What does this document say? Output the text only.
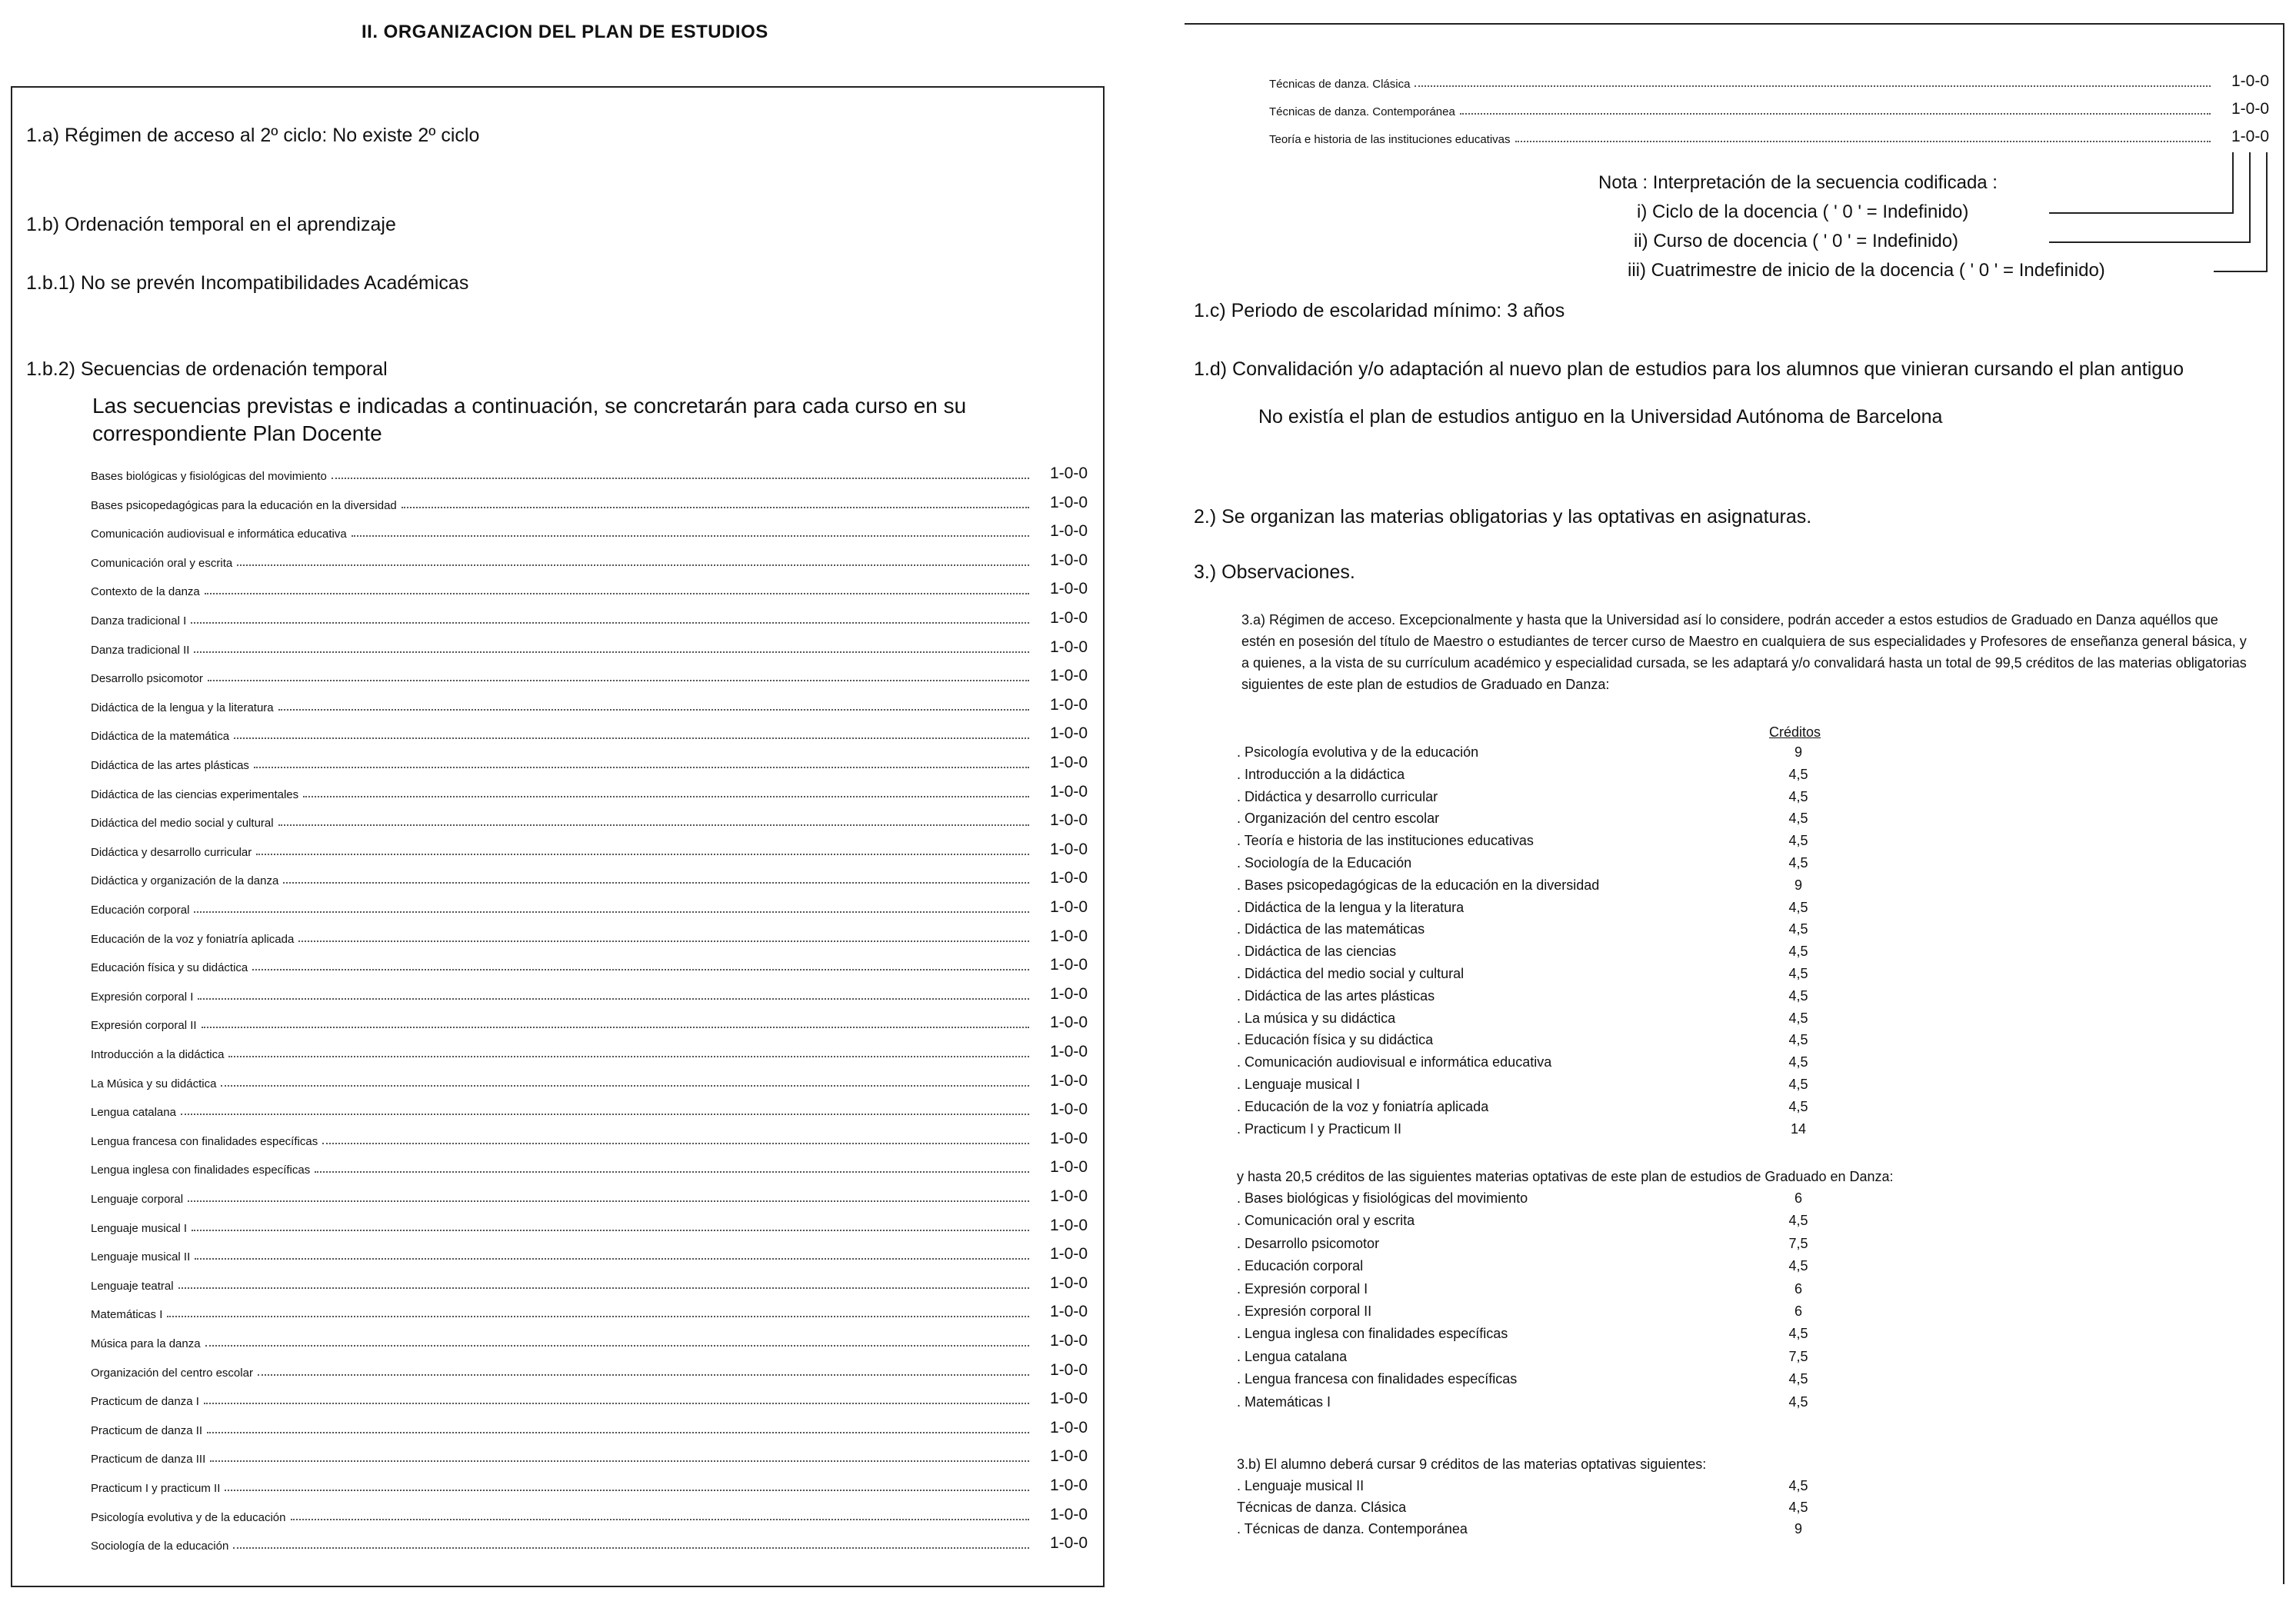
II. ORGANIZACION DEL PLAN DE ESTUDIOS
1.a) Régimen de acceso al 2º ciclo: No existe 2º ciclo
1.b) Ordenación temporal en el aprendizaje
1.b.1) No se prevén Incompatibilidades Académicas
1.b.2) Secuencias de ordenación temporal
Las secuencias previstas e indicadas a continuación, se concretarán para cada curso en su correspondiente Plan Docente
Bases biológicas y fisiológicas del movimiento	1-0-0
Bases psicopedagógicas para la educación en la diversidad	1-0-0
Comunicación audiovisual e informática educativa	1-0-0
Comunicación oral y escrita	1-0-0
Contexto de la danza	1-0-0
Danza tradicional I	1-0-0
Danza tradicional II	1-0-0
Desarrollo psicomotor	1-0-0
Didáctica de la lengua y la literatura	1-0-0
Didáctica de la matemática	1-0-0
Didáctica de las artes plásticas	1-0-0
Didáctica de las ciencias experimentales	1-0-0
Didáctica del medio social y cultural	1-0-0
Didáctica y desarrollo curricular	1-0-0
Didáctica y organización de la danza	1-0-0
Educación corporal	1-0-0
Educación de la voz y foniatría aplicada	1-0-0
Educación física y su didáctica	1-0-0
Expresión corporal I	1-0-0
Expresión corporal II	1-0-0
Introducción a la didáctica	1-0-0
La Música y su didáctica	1-0-0
Lengua catalana	1-0-0
Lengua francesa con finalidades específicas	1-0-0
Lengua inglesa con finalidades específicas	1-0-0
Lenguaje corporal	1-0-0
Lenguaje musical I	1-0-0
Lenguaje musical II	1-0-0
Lenguaje teatral	1-0-0
Matemáticas I	1-0-0
Música para la danza	1-0-0
Organización del centro escolar	1-0-0
Practicum de danza I	1-0-0
Practicum de danza II	1-0-0
Practicum de danza III	1-0-0
Practicum I y practicum II	1-0-0
Psicología evolutiva y de la educación	1-0-0
Sociología de la educación	1-0-0
Técnicas de danza. Clásica	1-0-0
Técnicas de danza. Contemporánea	1-0-0
Teoría e historia de las instituciones educativas	1-0-0
Nota : Interpretación de la secuencia codificada :
i) Ciclo de la docencia ( ' 0 ' = Indefinido)
ii) Curso de docencia ( ' 0 ' = Indefinido)
iii) Cuatrimestre de inicio de la docencia ( ' 0 ' = Indefinido)
1.c) Periodo de escolaridad mínimo: 3 años
1.d) Convalidación y/o adaptación al nuevo plan de estudios para los alumnos que vinieran cursando el plan antiguo
No existía el plan de estudios antiguo en la Universidad Autónoma de Barcelona
2.) Se organizan las materias obligatorias y las optativas en asignaturas.
3.) Observaciones.
3.a) Régimen de acceso. Excepcionalmente y hasta que la Universidad así lo considere, podrán acceder a estos estudios de Graduado en Danza aquéllos que estén en posesión del título de Maestro o estudiantes de tercer curso de Maestro en cualquiera de sus especialidades y Profesores de enseñanza general básica, y a quienes, a la vista de su currículum académico y especialidad cursada, se les adaptará y/o convalidará hasta un total de 99,5 créditos de las materias obligatorias siguientes de este plan de estudios de Graduado en Danza:
Créditos
. Psicología evolutiva y de la educación	9
. Introducción a la didáctica	4,5
. Didáctica y desarrollo curricular	4,5
. Organización del centro escolar	4,5
. Teoría e historia de las instituciones educativas	4,5
. Sociología de la Educación	4,5
. Bases psicopedagógicas de la educación en la diversidad	9
. Didáctica de la lengua y la literatura	4,5
. Didáctica de las matemáticas	4,5
. Didáctica de las ciencias	4,5
. Didáctica del medio social y cultural	4,5
. Didáctica de las artes plásticas	4,5
. La música y su didáctica	4,5
. Educación física y su didáctica	4,5
. Comunicación audiovisual e informática educativa	4,5
. Lenguaje musical I	4,5
. Educación de la voz y foniatría aplicada	4,5
. Practicum I y Practicum II	14
y hasta 20,5 créditos de las siguientes materias optativas de este plan de estudios de Graduado en Danza:
. Bases biológicas y fisiológicas del movimiento	6
. Comunicación oral y escrita	4,5
. Desarrollo psicomotor	7,5
. Educación corporal	4,5
. Expresión corporal I	6
. Expresión corporal II	6
. Lengua inglesa con finalidades específicas	4,5
. Lengua catalana	7,5
. Lengua francesa con finalidades específicas	4,5
. Matemáticas I	4,5
3.b) El alumno deberá cursar 9 créditos de las materias optativas siguientes:
. Lenguaje musical II	4,5
Técnicas de danza. Clásica	4,5
. Técnicas de danza. Contemporánea	9
